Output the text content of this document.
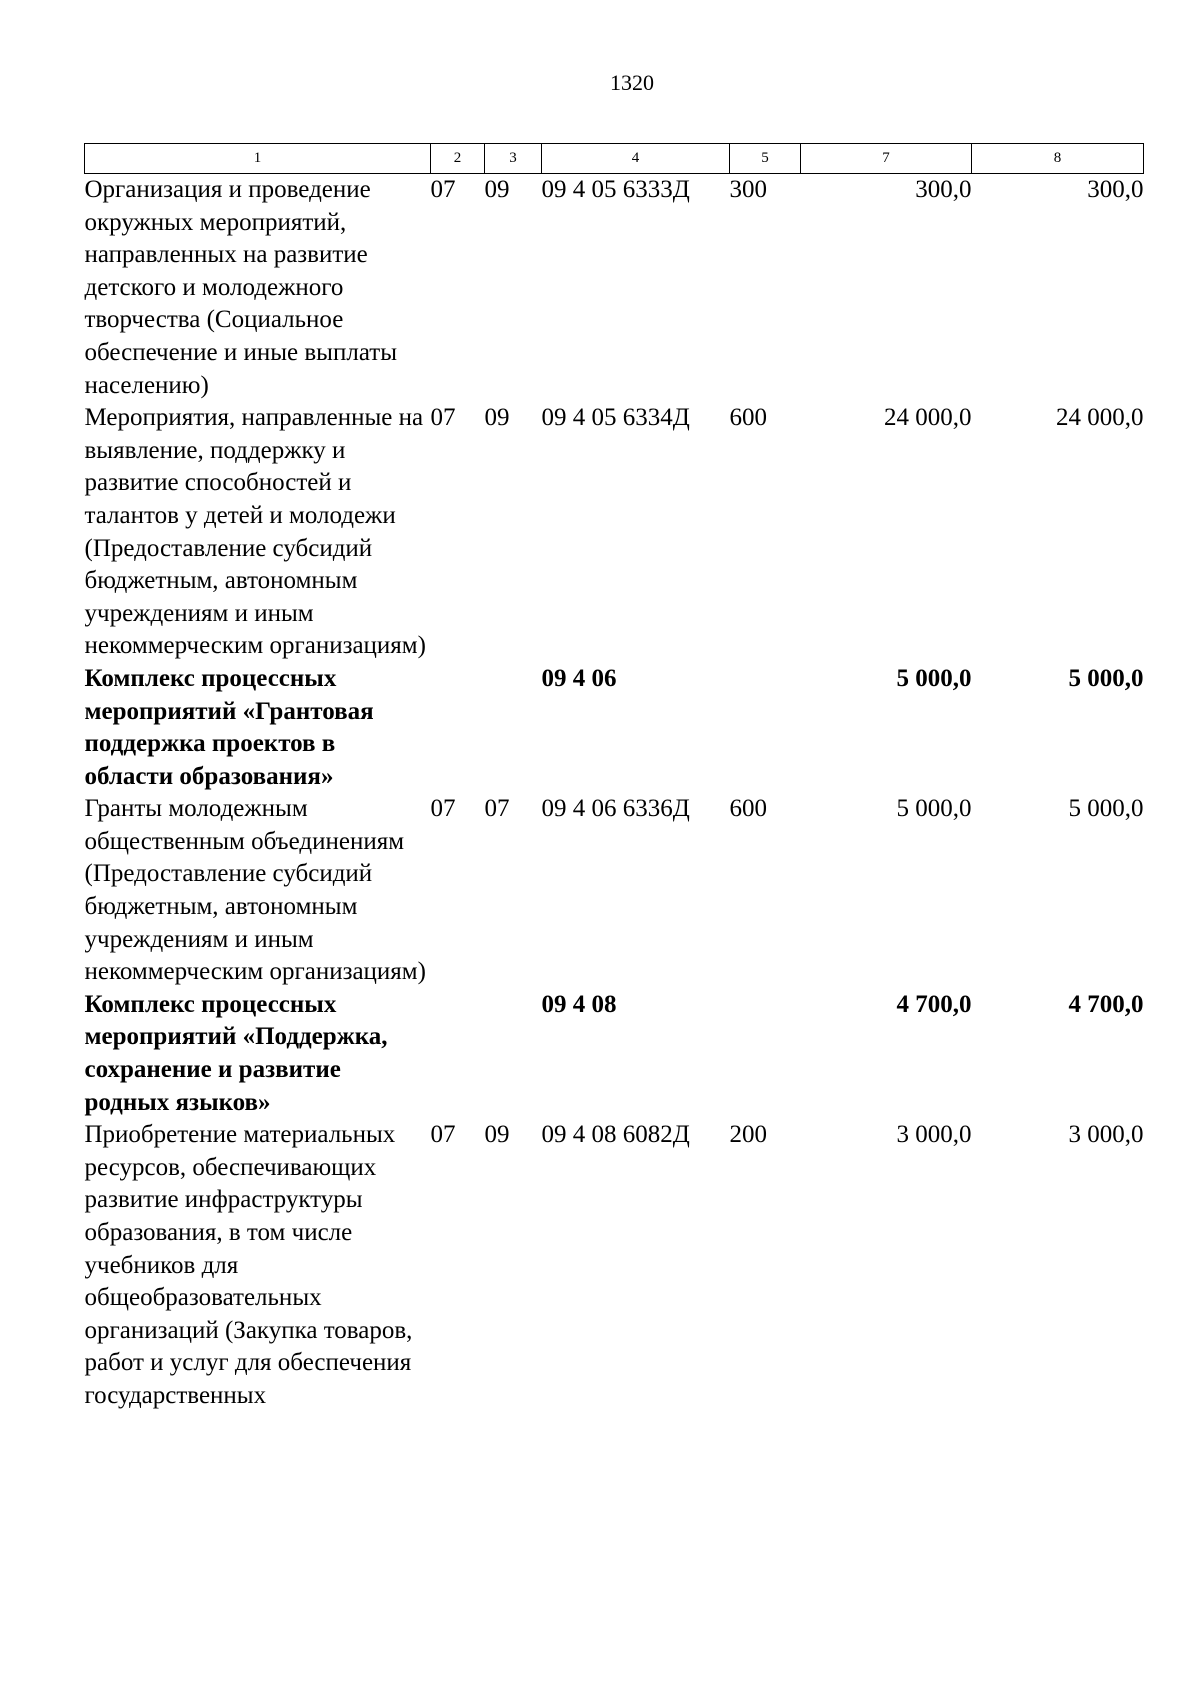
1320
1	2	3	4	5	7	8
Организация и проведение окружных мероприятий, направленных на развитие детского и молодежного творчества (Социальное обеспечение и иные выплаты населению)	07	09	09 4 05 6333Д	300	300,0	300,0
Мероприятия, направленные на выявление, поддержку и развитие способностей и талантов у детей и молодежи (Предоставление субсидий бюджетным, автономным учреждениям и иным некоммерческим организациям)	07	09	09 4 05 6334Д	600	24 000,0	24 000,0
Комплекс процессных мероприятий «Грантовая поддержка проектов в области образования»			09 4 06		5 000,0	5 000,0
Гранты молодежным общественным объединениям (Предоставление субсидий бюджетным, автономным учреждениям и иным некоммерческим организациям)	07	07	09 4 06 6336Д	600	5 000,0	5 000,0
Комплекс процессных мероприятий «Поддержка, сохранение и развитие родных языков»			09 4 08		4 700,0	4 700,0
Приобретение материальных ресурсов, обеспечивающих развитие инфраструктуры образования, в том числе учебников для общеобразовательных организаций (Закупка товаров, работ и услуг для обеспечения государственных	07	09	09 4 08 6082Д	200	3 000,0	3 000,0
